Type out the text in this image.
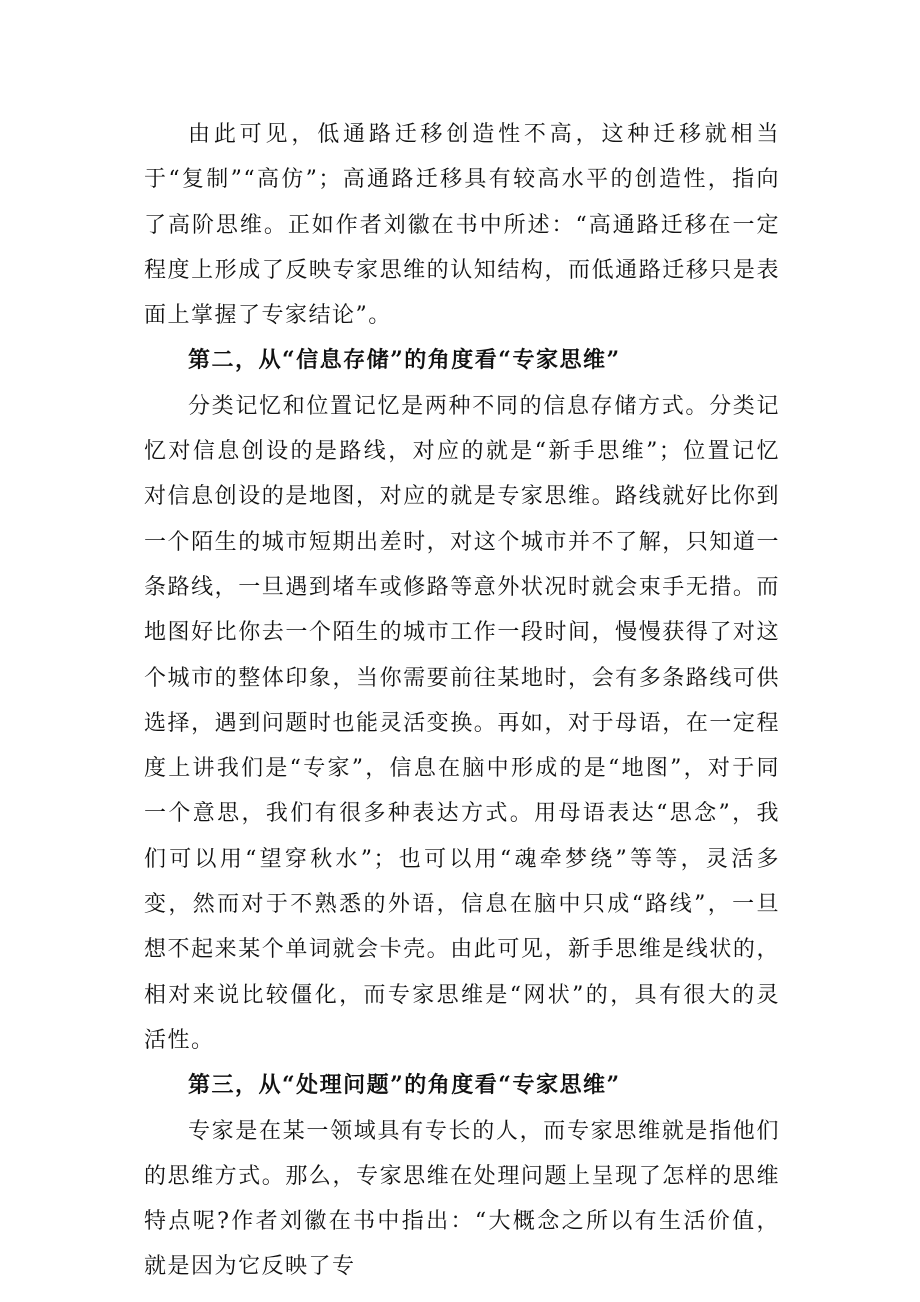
由此可见，低通路迁移创造性不高，这种迁移就相当于“复制”“高仿”；高通路迁移具有较高水平的创造性，指向了高阶思维。正如作者刘徽在书中所述：“高通路迁移在一定程度上形成了反映专家思维的认知结构，而低通路迁移只是表面上掌握了专家结论”。

第二，从“信息存储”的角度看“专家思维”

分类记忆和位置记忆是两种不同的信息存储方式。分类记忆对信息创设的是路线，对应的就是“新手思维”；位置记忆对信息创设的是地图，对应的就是专家思维。路线就好比你到一个陌生的城市短期出差时，对这个城市并不了解，只知道一条路线，一旦遇到堵车或修路等意外状况时就会束手无措。而地图好比你去一个陌生的城市工作一段时间，慢慢获得了对这个城市的整体印象，当你需要前往某地时，会有多条路线可供选择，遇到问题时也能灵活变换。再如，对于母语，在一定程度上讲我们是“专家”，信息在脑中形成的是“地图”，对于同一个意思，我们有很多种表达方式。用母语表达“思念”，我们可以用“望穿秋水”；也可以用“魂牵梦绕”等等，灵活多变，然而对于不熟悉的外语，信息在脑中只成“路线”，一旦想不起来某个单词就会卡壳。由此可见，新手思维是线状的，相对来说比较僵化，而专家思维是“网状”的，具有很大的灵活性。

第三，从“处理问题”的角度看“专家思维”

专家是在某一领域具有专长的人，而专家思维就是指他们的思维方式。那么，专家思维在处理问题上呈现了怎样的思维特点呢?作者刘徽在书中指出：“大概念之所以有生活价值，就是因为它反映了专
